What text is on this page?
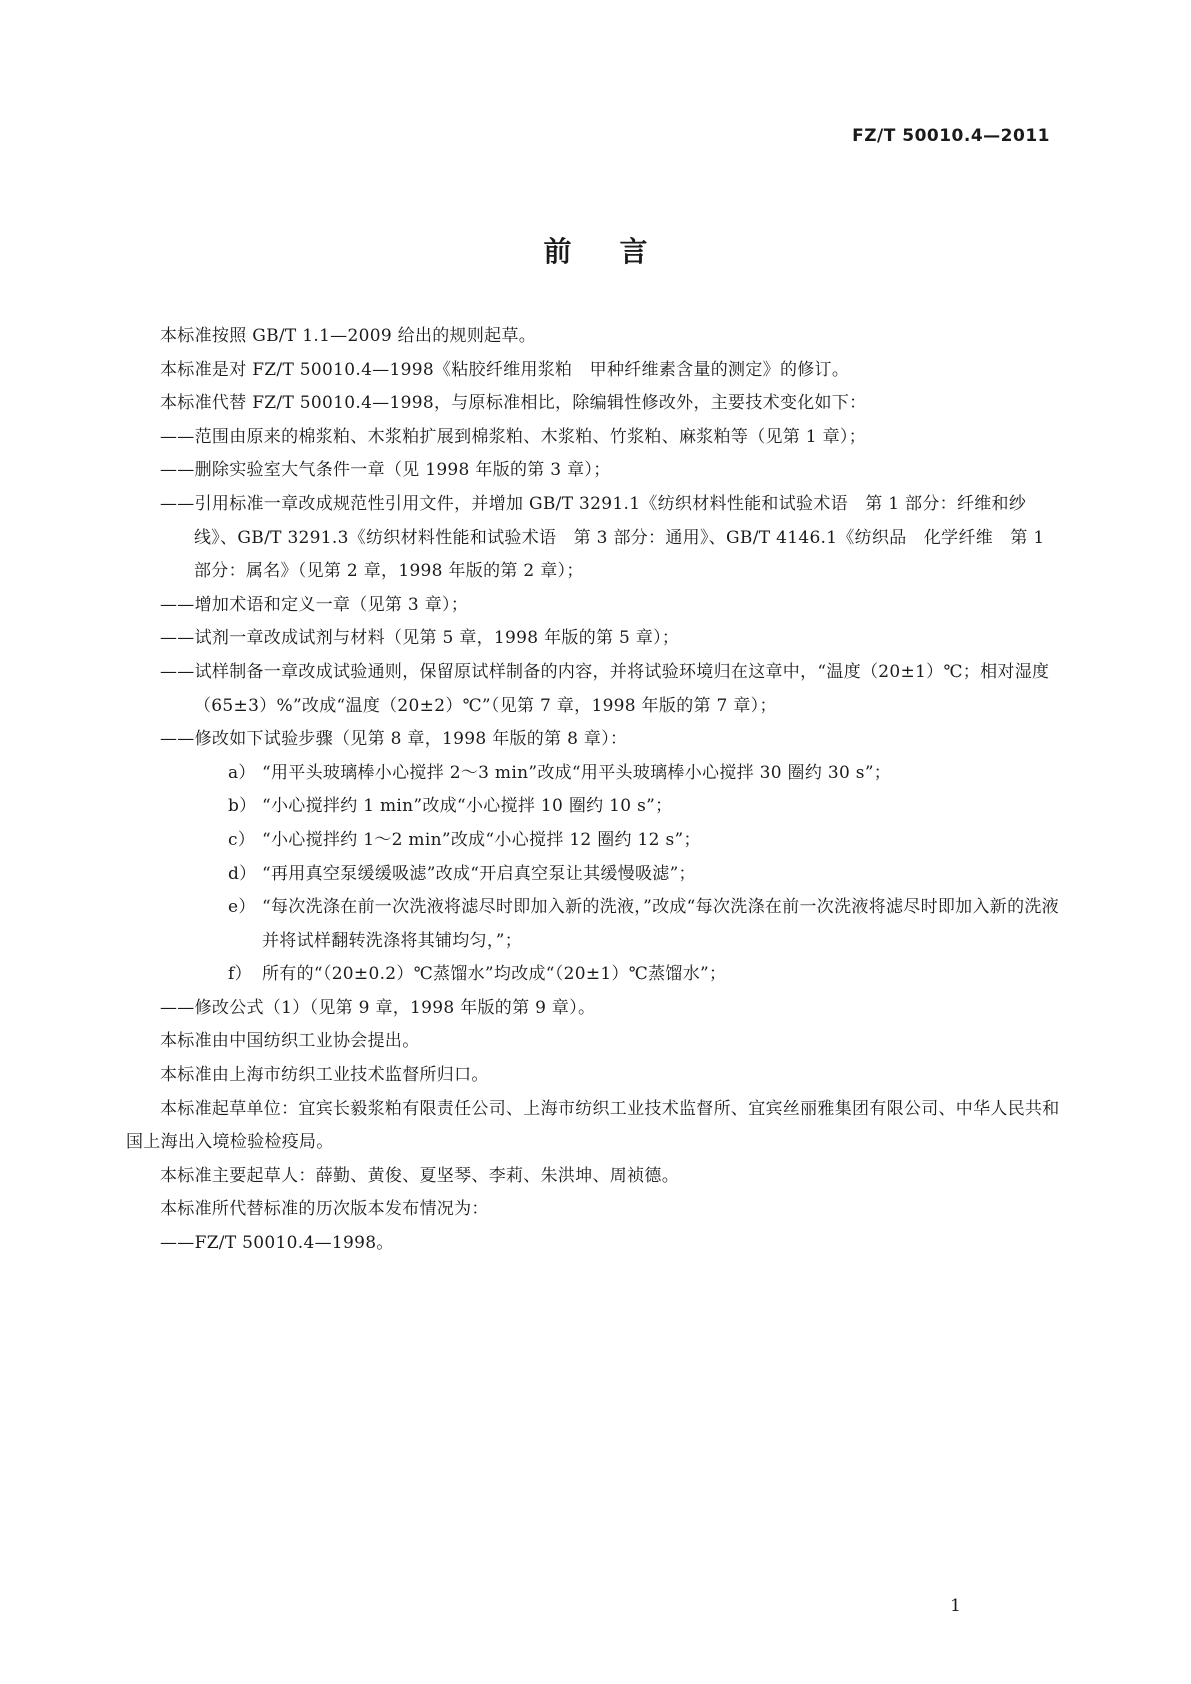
FZ/T 50010.4—2011
前言

本标准按照 GB/T 1.1—2009 给出的规则起草。

本标准是对 FZ/T 50010.4—1998《粘胶纤维用浆粕　甲种纤维素含量的测定》的修订。

本标准代替 FZ/T 50010.4—1998，与原标准相比，除编辑性修改外，主要技术变化如下：

——范围由原来的棉浆粕、木浆粕扩展到棉浆粕、木浆粕、竹浆粕、麻浆粕等（见第 1 章）；

——删除实验室大气条件一章（见 1998 年版的第 3 章）；

——引用标准一章改成规范性引用文件，并增加 GB/T 3291.1《纺织材料性能和试验术语　第 1 部分：纤维和纱线》、GB/T 3291.3《纺织材料性能和试验术语　第 3 部分：通用》、GB/T 4146.1《纺织品　化学纤维　第 1 部分：属名》（见第 2 章，1998 年版的第 2 章）；

——增加术语和定义一章（见第 3 章）；

——试剂一章改成试剂与材料（见第 5 章，1998 年版的第 5 章）；

——试样制备一章改成试验通则，保留原试样制备的内容，并将试验环境归在这章中，“温度（20±1）℃；相对湿度（65±3）%”改成“温度（20±2）℃”（见第 7 章，1998 年版的第 7 章）；

——修改如下试验步骤（见第 8 章，1998 年版的第 8 章）：

a） “用平头玻璃棒小心搅拌 2～3 min”改成“用平头玻璃棒小心搅拌 30 圈约 30 s”；

b） “小心搅拌约 1 min”改成“小心搅拌 10 圈约 10 s”；

c） “小心搅拌约 1～2 min”改成“小心搅拌 12 圈约 12 s”；

d） “再用真空泵缓缓吸滤”改成“开启真空泵让其缓慢吸滤”；

e） “每次洗涤在前一次洗液将滤尽时即加入新的洗液，”改成“每次洗涤在前一次洗液将滤尽时即加入新的洗液并将试样翻转洗涤将其铺均匀，”；

f） 所有的“（20±0.2）℃蒸馏水”均改成“（20±1）℃蒸馏水”；

——修改公式（1）（见第 9 章，1998 年版的第 9 章）。

本标准由中国纺织工业协会提出。

本标准由上海市纺织工业技术监督所归口。

本标准起草单位：宜宾长毅浆粕有限责任公司、上海市纺织工业技术监督所、宜宾丝丽雅集团有限公司、中华人民共和国上海出入境检验检疫局。

本标准主要起草人：薛勤、黄俊、夏坚琴、李莉、朱洪坤、周祯德。

本标准所代替标准的历次版本发布情况为：

——FZ/T 50010.4—1998。

1
